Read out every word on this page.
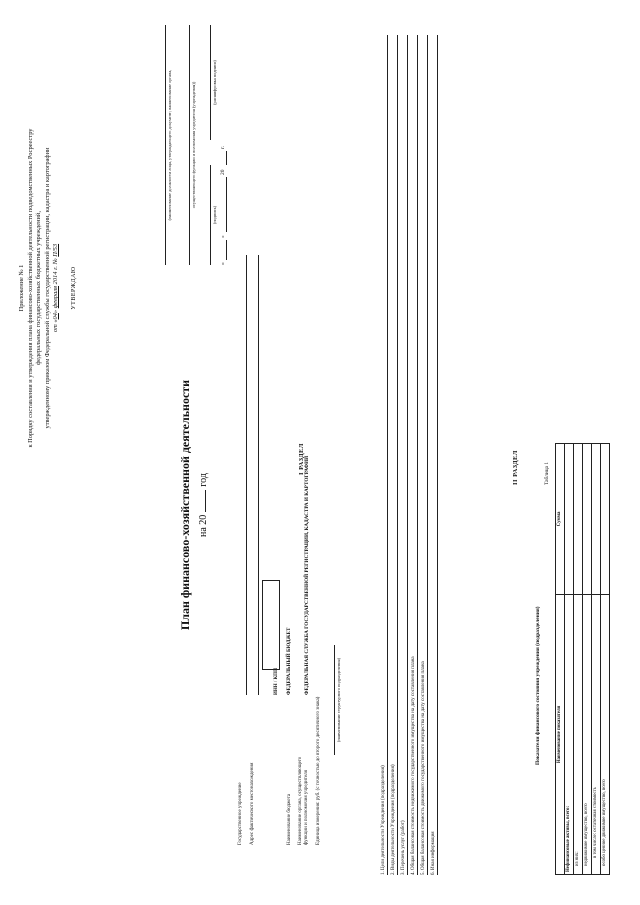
Приложение № 1 к Порядку составления и утверждения плана финансово-хозяйственной деятельности подведомственных Росреестру федеральных государственных бюджетных учреждений, утвержденному приказом Федеральной службы государственной регистрации, кадастра и картографии от «04» февраля 2014 г. № П/53
УТВЕРЖДАЮ
(наименование должности лица, утверждающего документ; наименование органа,	осуществляющего функции и полномочия учредителя (учреждения))
(подпись)
(расшифровка подписи)
«
»
20
г.
План финансово-хозяйственной деятельности на 20год
Государственное учреждение Адрес фактического местонахождения
ИНН / КПП
Наименование бюджета
ФЕДЕРАЛЬНЫЙ БЮДЖЕТ
Наименование органа, осуществляющего функции и полномочия учредителя
ФЕДЕРАЛЬНАЯ СЛУЖБА ГОСУДАРСТВЕННОЙ РЕГИСТРАЦИИ, КАДАСТРА И КАРТОГРАФИИ
Единица измерения: руб. (с точностью до второго десятичного знака)	(наименование структурного подразделения)
I РАЗДЕЛ
1. Цели деятельности Учреждения (подразделения) 2. Виды деятельности Учреждения (подразделения) 3. Перечень услуг (работ) 4. Общая балансовая стоимость недвижимого государственного имущества на дату составления плана 5. Общая балансовая стоимость движимого государственного имущества на дату составления плана 6. Иная информация
II РАЗДЕЛ
Показатели финансового состояния учреждения (подразделения)
Таблица 1
Наименование показателя	Сумма
Нефинансовые активы, всего:	
из них:	
недвижимое имущество, всего	
в том числе: остаточная стоимость	
особо ценное движимое имущество, всего	
